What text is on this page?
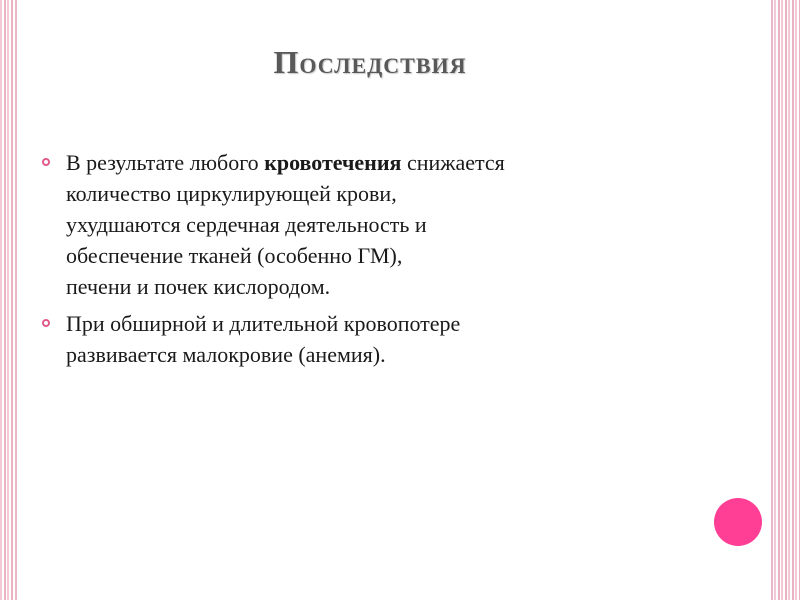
Последствия
В результате любого кровотечения снижается
количество циркулирующей крови,
ухудшаются сердечная деятельность и
обеспечение тканей (особенно ГМ),
печени и почек кислородом.
При обширной и длительной кровопотере
развивается малокровие (анемия).
